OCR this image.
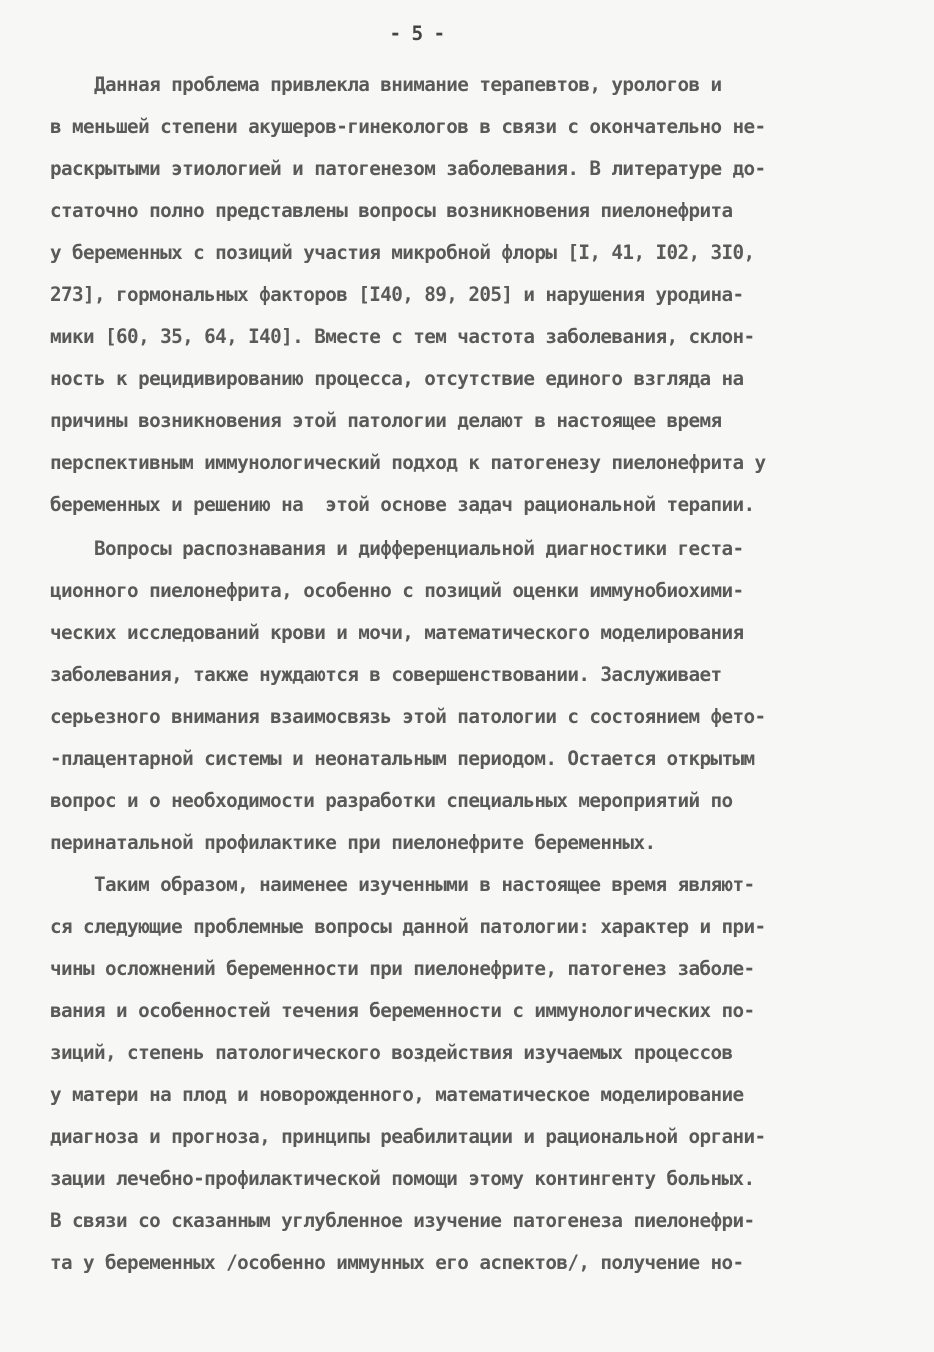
- 5 -
Данная проблема привлекла внимание терапевтов, урологов и
в меньшей степени акушеров-гинекологов в связи с окончательно не-
раскрытыми этиологией и патогенезом заболевания. В литературе до-
статочно полно представлены вопросы возникновения пиелонефрита
у беременных с позиций участия микробной флоры [I, 41, I02, 3I0,
273], гормональных факторов [I40, 89, 205] и нарушения уродина-
мики [60, 35, 64, I40]. Вместе с тем частота заболевания, склон-
ность к рецидивированию процесса, отсутствие единого взгляда на
причины возникновения этой патологии делают в настоящее время
перспективным иммунологический подход к патогенезу пиелонефрита у
беременных и решению на  этой основе задач рациональной терапии.
Вопросы распознавания и дифференциальной диагностики геста-
ционного пиелонефрита, особенно с позиций оценки иммунобиохими-
ческих исследований крови и мочи, математического моделирования
заболевания, также нуждаются в совершенствовании. Заслуживает
серьезного внимания взаимосвязь этой патологии с состоянием фето-
-плацентарной системы и неонатальным периодом. Остается открытым
вопрос и о необходимости разработки специальных мероприятий по
перинатальной профилактике при пиелонефрите беременных.
Таким образом, наименее изученными в настоящее время являют-
ся следующие проблемные вопросы данной патологии: характер и при-
чины осложнений беременности при пиелонефрите, патогенез заболе-
вания и особенностей течения беременности с иммунологических по-
зиций, степень патологического воздействия изучаемых процессов
у матери на плод и новорожденного, математическое моделирование
диагноза и прогноза, принципы реабилитации и рациональной органи-
зации лечебно-профилактической помощи этому контингенту больных.
В связи со сказанным углубленное изучение патогенеза пиелонефри-
та у беременных /особенно иммунных его аспектов/, получение но-
